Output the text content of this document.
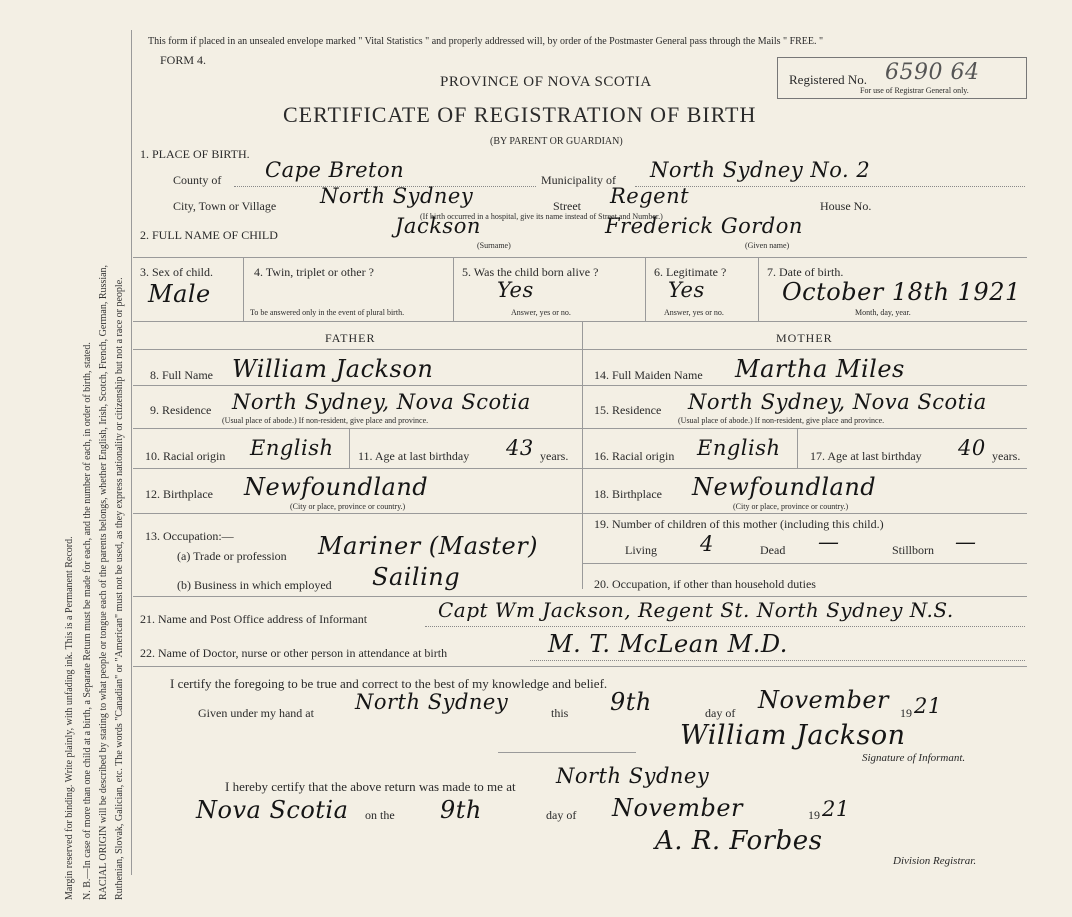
Margin reserved for binding. Write plainly, with unfading ink. This is a Permanent Record. N. B.—In case of more than one child at a birth, a Separate Return must be made for each, and the number of each, in order of birth, stated. RACIAL ORIGIN will be described by stating to what people or tongue each of the parents belongs, whether English, Irish, Scotch, French, German, Russian, Ruthenian, Slovak, Galician, etc. The words "Canadian" or "American" must not be used, as they express nationality or citizenship but not a race or people.
This form if placed in an unsealed envelope marked " Vital Statistics " and properly addressed will, by order of the Postmaster General pass through the Mails " FREE. "
FORM 4.
PROVINCE OF NOVA SCOTIA
CERTIFICATE OF REGISTRATION OF BIRTH
(BY PARENT OR GUARDIAN)
Registered No. 6590 64
For use of Registrar General only.
1. PLACE OF BIRTH.
County of Cape Breton	Municipality of North Sydney No. 2
City, Town or Village North Sydney	Street Regent	House No.
(If birth occurred in a hospital, give its name instead of Street and Number.)
2. FULL NAME OF CHILD	Jackson	Frederick Gordon
(Surname)	(Given name)
3. Sex of child.
Male
4. Twin, triplet or other ?
To be answered only in the event of plural birth.
5. Was the child born alive ?
Yes
Answer, yes or no.
6. Legitimate ?
Yes
Answer, yes or no.
7. Date of birth.
October 18th 1921
Month, day, year.
FATHER	MOTHER
8. Full Name William Jackson
9. Residence North Sydney, Nova Scotia
(Usual place of abode.) If non-resident, give place and province.
10. Racial origin English 11. Age at last birthday 43 years.
12. Birthplace Newfoundland
(City or place, province or country.)
13. Occupation:—
(a) Trade or profession Mariner (Master)
(b) Business in which employed Sailing
14. Full Maiden Name Martha Miles
15. Residence North Sydney, Nova Scotia
(Usual place of abode.) If non-resident, give place and province.
16. Racial origin English 17. Age at last birthday 40 years.
18. Birthplace Newfoundland
(City or place, province or country.)
19. Number of children of this mother (including this child.)
Living 4	Dead —	Stillborn —
20. Occupation, if other than household duties
21. Name and Post Office address of Informant	Capt Wm Jackson, Regent St. North Sydney N.S.
22. Name of Doctor, nurse or other person in attendance at birth	M. T. McLean M.D.
I certify the foregoing to be true and correct to the best of my knowledge and belief.
Given under my hand at North Sydney	this 9th	day of November 19 21
William Jackson
Signature of Informant.
I hereby certify that the above return was made to me at North Sydney
Nova Scotia on the 9th	day of November	19 21
A. R. Forbes
Division Registrar.
